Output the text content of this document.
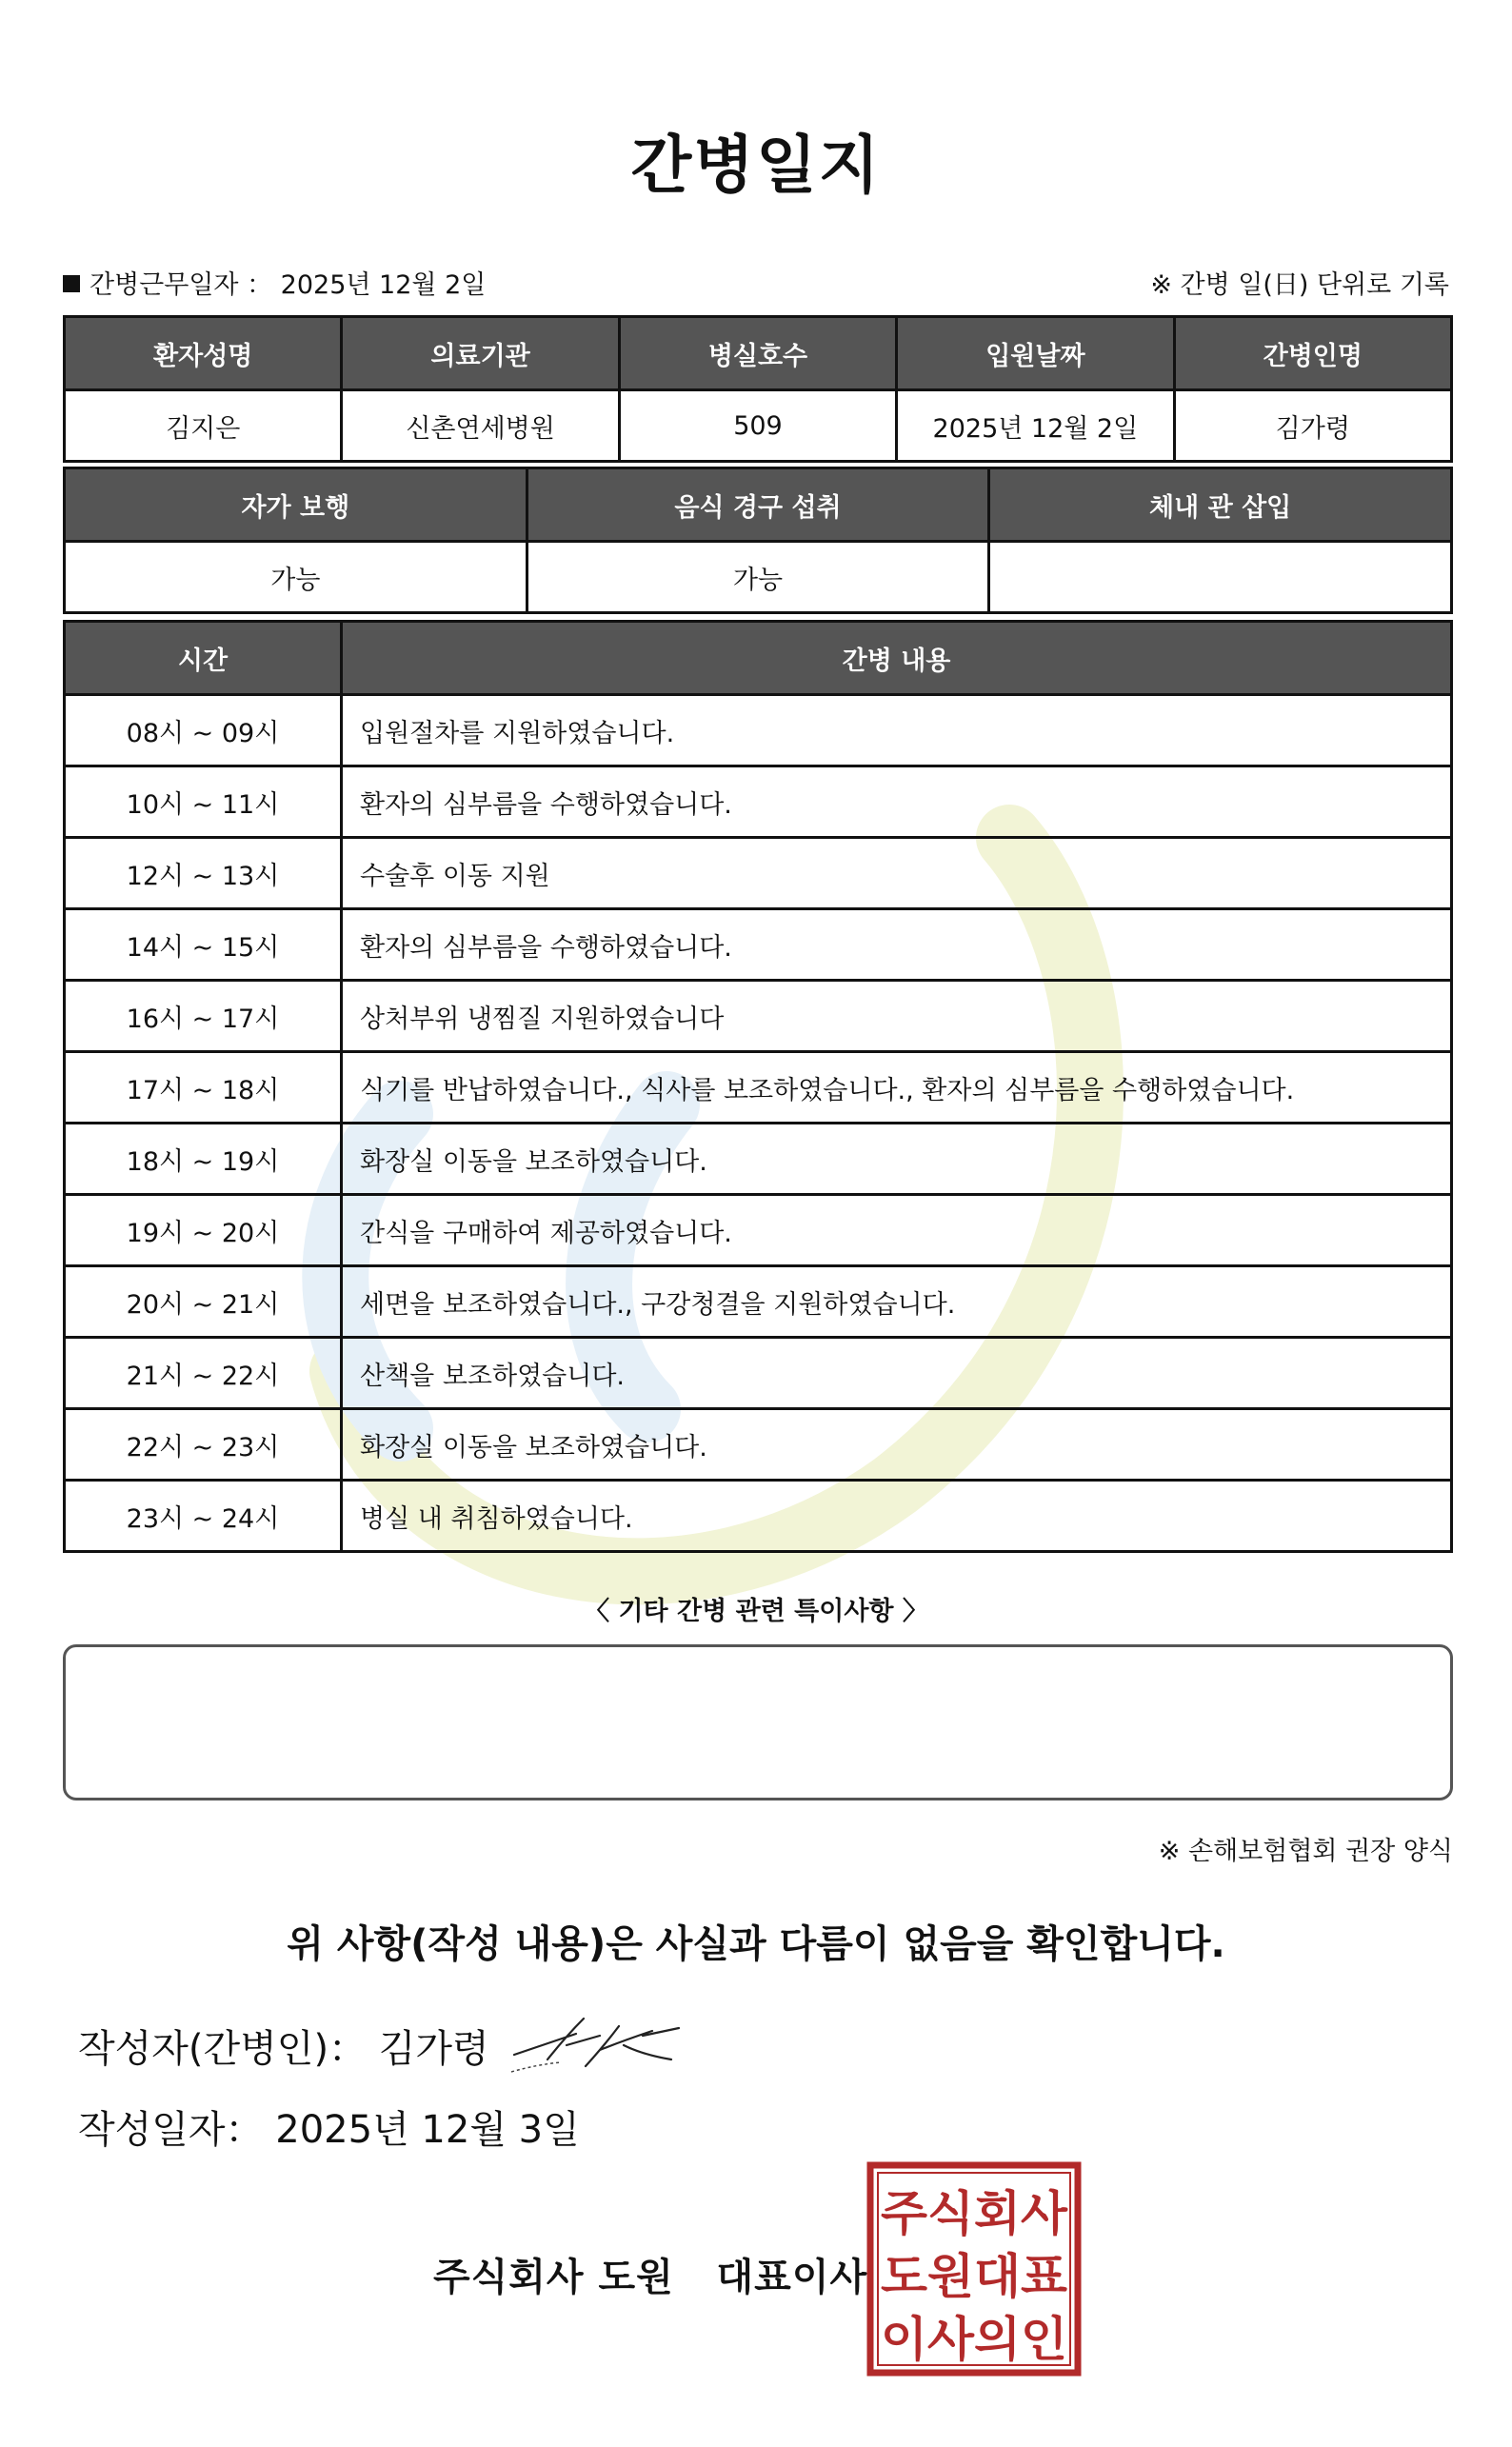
간병일지
간병근무일자 ： 2025년 12월 2일	※ 간병 일(日) 단위로 기록
환자성명	의료기관	병실호수	입원날짜	간병인명
김지은	신촌연세병원	509	2025년 12월 2일	김가령
자가 보행	음식 경구 섭취	체내 관 삽입
가능	가능	
시간	간병 내용
08시 ~ 09시	입원절차를 지원하였습니다.
10시 ~ 11시	환자의 심부름을 수행하였습니다.
12시 ~ 13시	수술후 이동 지원
14시 ~ 15시	환자의 심부름을 수행하였습니다.
16시 ~ 17시	상처부위 냉찜질 지원하였습니다
17시 ~ 18시	식기를 반납하였습니다., 식사를 보조하였습니다., 환자의 심부름을 수행하였습니다.
18시 ~ 19시	화장실 이동을 보조하였습니다.
19시 ~ 20시	간식을 구매하여 제공하였습니다.
20시 ~ 21시	세면을 보조하였습니다., 구강청결을 지원하였습니다.
21시 ~ 22시	산책을 보조하였습니다.
22시 ~ 23시	화장실 이동을 보조하였습니다.
23시 ~ 24시	병실 내 취침하였습니다.
〈 기타 간병 관련 특이사항 〉
※ 손해보험협회 권장 양식
위 사항(작성 내용)은 사실과 다름이 없음을 확인합니다.
작성자(간병인)： 김가령
작성일자： 2025년 12월 3일
주식회사 도원   대표이사
주식회사
도원대표
이사의인
